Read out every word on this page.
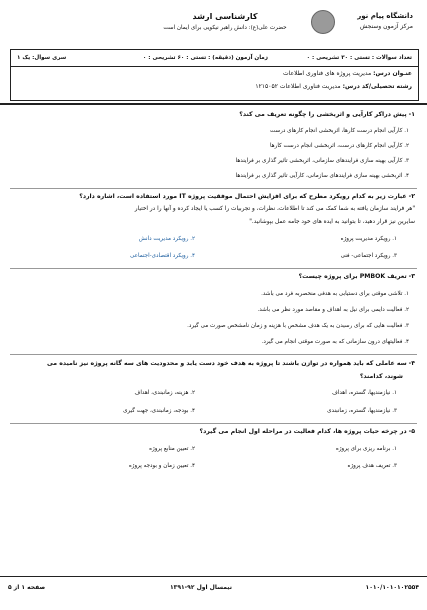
کارشناسی ارشد
حضرت علی(ع): دانش راهبر نیکویی برای ایمان است
دانشگاه پیام نور
مرکز آزمون وسنجش
تعداد سوالات : تستی : ۳۰ تشریحی : ۰
زمان آزمون (دقیقه) : تستی : ۶۰ تشریحی : ۰
سری سوال: یک ۱
عنـوان درس: مدیریت پروژه های فناوری اطلاعات
رشته تحصیلی/کد درس: مدیریت فناوری اطلاعات ۱۲۱۵۰۵۲
۱- پیش دراکر کارآیی و اثربخشی را چگونه تعریف می کند؟
۱. کارآیی انجام درست کارها، اثربخشی انجام کارهای درست
۲. کارآیی انجام کارهای درست، اثربخشی انجام درست کارها
۳. کارآیی بهینه سازی فرایندهای سازمانی، اثربخشی تاثیر گذاری بر فرایندها
۴. اثربخشی بهینه سازی فرایندهای سازمانی، کارآیی تاثیر گذاری بر فرایندها
۲- عبارت زیر به کدام رویکرد مطرح که برای افزایش احتمال موفقیت پروژه IT مورد استفاده است، اشاره دارد؟
"هر فرایند سازمان یافته به شما کمک می کند تا اطلاعات، نظرات، و تجربیات را کسب یا ایجاد کرده و آنها را در اختیار
سایرین نیز قرار دهید، تا بتوانید به ایده های خود جامه عمل بپوشانید."
۱. رویکرد مدیریت پروژه
۲. رویکرد مدیریت دانش
۳. رویکرد اجتماعی- فنی
۴. رویکرد اقتصادی-اجتماعی
۳- تعریف PMBOK برای پروژه چیست؟
۱. تلاشی موقتی برای دستیابی به هدفی منحصربه فرد می باشد.
۲. فعالیت دایمی برای نیل به اهداف و مقاصد مورد نظر می باشد.
۳. فعالیت هایی که برای رسیدن به یک هدف مشخص با هزینه و زمان نامشخص صورت می گیرد.
۴. فعالیتهای درون سازمانی که به صورت موقتی انجام می گیرد.
۴- سه عاملی که باید همواره در توازن باشند تا پروژه به هدف خود دست یابد و محدودیت های سه گانه پروژه نیز نامیده می
شوند، کدامند؟
۱. نیازمندیها، گستره، اهداف
۲. هزینه، زمانبندی، اهداف
۳. نیازمندیها، گستره، زمانبندی
۴. بودجه، زمانبندی، جهت گیری
۵- در چرخه حیات پروژه ها، کدام فعالیت در مراحله اول انجام می گیرد؟
۱. برنامه ریزی برای پروژه
۲. تعیین منابع پروژه
۳. تعریف هدف پروژه
۴. تعیین زمان و بودجه پروژه
صفحه ۱ از ۵	نیمسال اول ۹۲-۱۳۹۱	۱۰۱۰/۱۰۱۰۱۰۲۵۵۴
